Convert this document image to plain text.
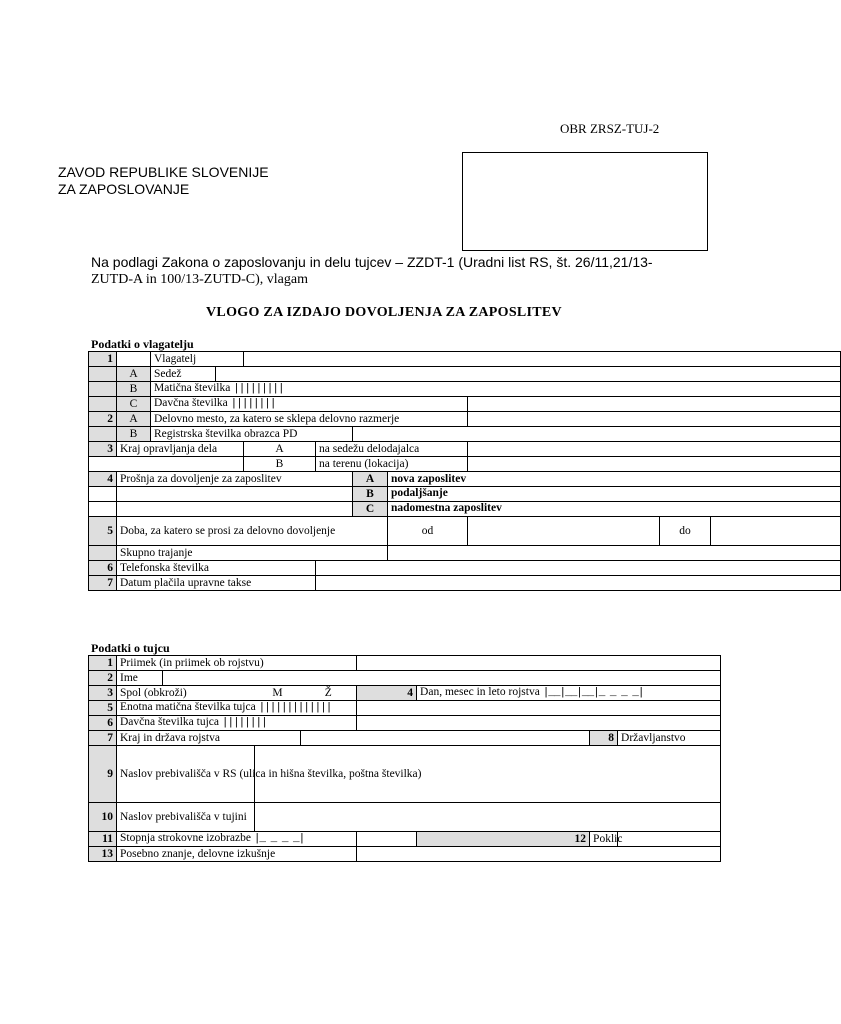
OBR ZRSZ-TUJ-2
ZAVOD REPUBLIKE SLOVENIJE
ZA ZAPOSLOVANJE
Na podlagi Zakona o zaposlovanju in delu tujcev – ZZDT-1 (Uradni list RS, št. 26/11,21/13-
ZUTD-A in 100/13-ZUTD-C), vlagam
VLOGO ZA IZDAJO DOVOLJENJA ZA ZAPOSLITEV
Podatki o vlagatelju
1		Vlagatelj								
	A	Sedež								
	B	Matična številka |||||||||								
	C	Davčna številka ||||||||								
2	A	Delovno mesto, za katero se sklepa delovno razmerje								
	B	Registrska številka obrazca PD								
3	Kraj opravljanja dela			A	na sedežu delodajalca					
				B	na terenu (lokacija)					
4	Prošnja za dovoljenje za zaposlitev					A	nova zaposlitev			
						B	podaljšanje			
						C	nadomestna zaposlitev			
5	Doba, za katero se prosi za delovno dovoljenje						od		do	
	Skupno trajanje									
6	Telefonska številka									
7	Datum plačila upravne takse									
Podatki o tujcu
1	Priimek (in priimek ob rojstvu)							
2	Ime							
3	Spol (obkroži)		M	Ž	4	Dan, mesec in leto rojstva |__|__|__|_ _ _ _|		
5	Enotna matična številka tujca |||||||||||||							
6	Davčna številka tujca ||||||||							
7	Kraj in država rojstva						8	Državljanstvo
9	Naslov prebivališča v RS (ulica in hišna številka, poštna številka)							
10	Naslov prebivališča v tujini							
11	Stopnja strokovne izobrazbe |_ _ _ _|					12	Poklic	
13	Posebno znanje, delovne izkušnje							
